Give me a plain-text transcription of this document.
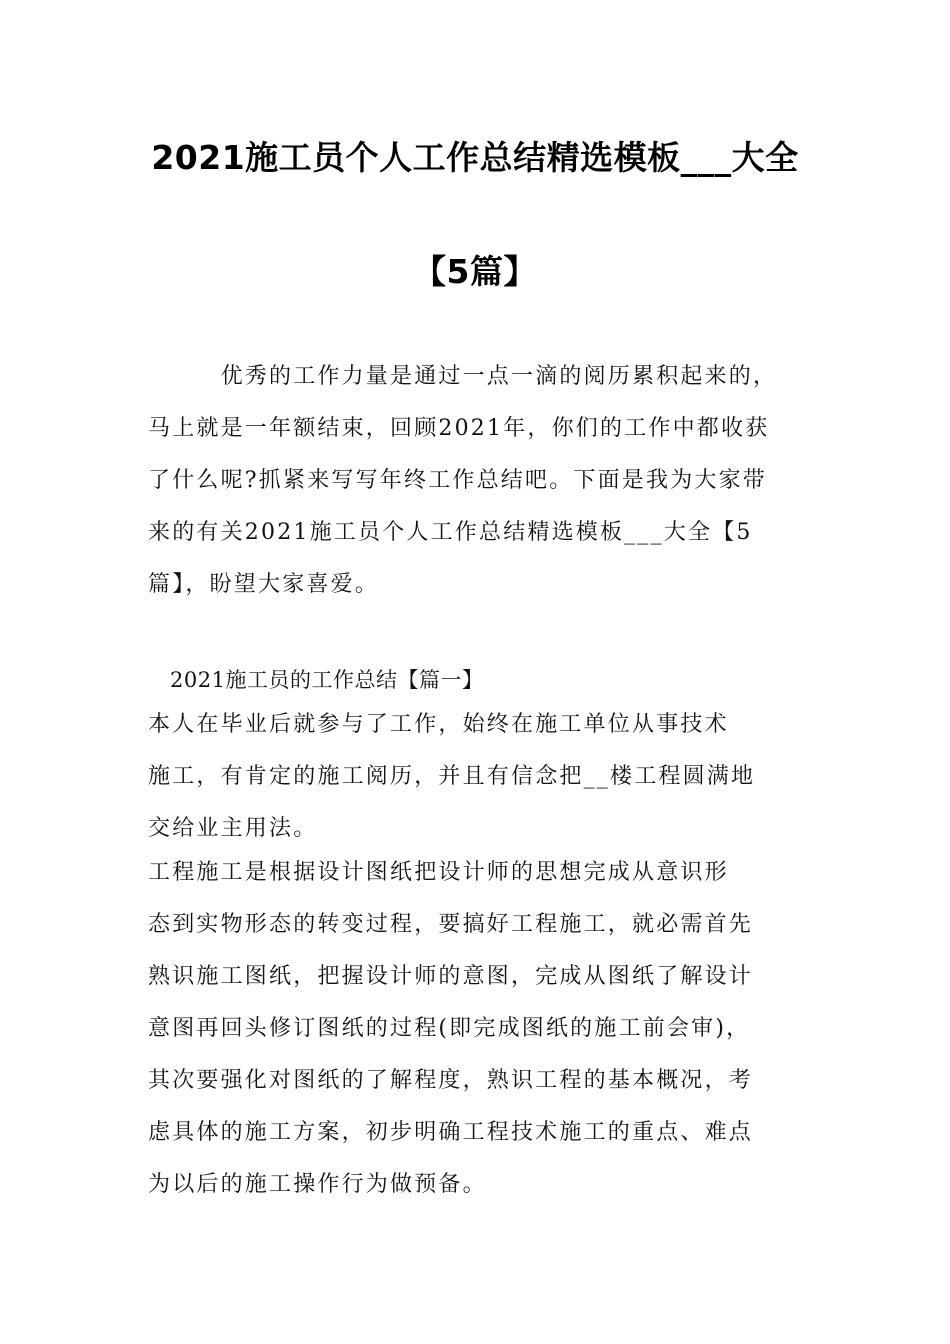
2021施工员个人工作总结精选模板___大全
【5篇】
　　　优秀的工作力量是通过一点一滴的阅历累积起来的，
马上就是一年额结束，回顾2021年，你们的工作中都收获
了什么呢?抓紧来写写年终工作总结吧。下面是我为大家带
来的有关2021施工员个人工作总结精选模板___大全【5
篇】，盼望大家喜爱。
2021施工员的工作总结【篇一】
本人在毕业后就参与了工作，始终在施工单位从事技术
施工，有肯定的施工阅历，并且有信念把__楼工程圆满地
交给业主用法。
工程施工是根据设计图纸把设计师的思想完成从意识形
态到实物形态的转变过程，要搞好工程施工，就必需首先
熟识施工图纸，把握设计师的意图，完成从图纸了解设计
意图再回头修订图纸的过程(即完成图纸的施工前会审)，
其次要强化对图纸的了解程度，熟识工程的基本概况，考
虑具体的施工方案，初步明确工程技术施工的重点、难点
为以后的施工操作行为做预备。
